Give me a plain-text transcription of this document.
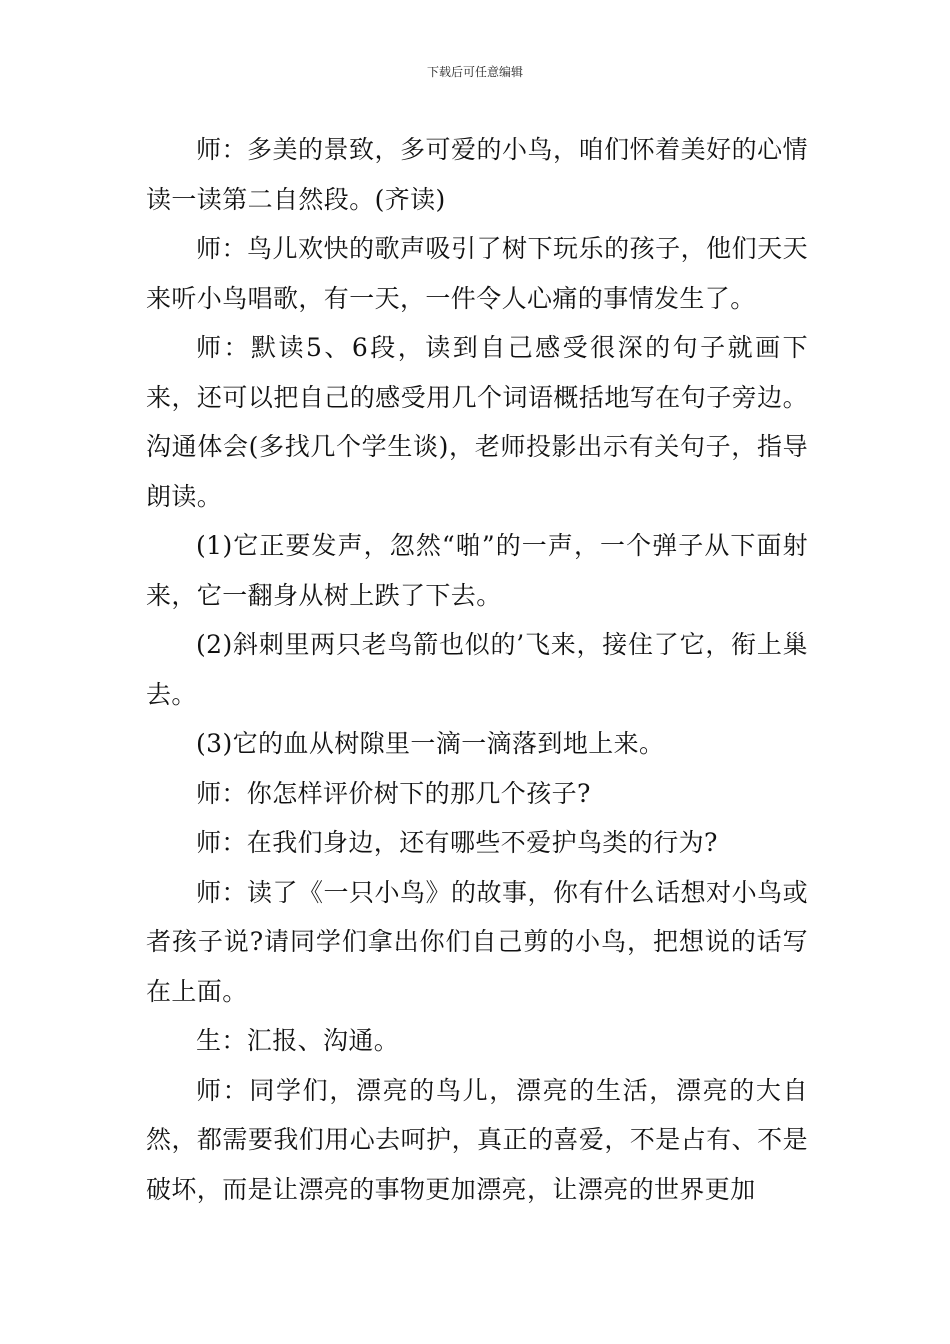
下载后可任意编辑

师：多美的景致，多可爱的小鸟，咱们怀着美好的心情读一读第二自然段。(齐读)

师：鸟儿欢快的歌声吸引了树下玩乐的孩子，他们天天来听小鸟唱歌，有一天，一件令人心痛的事情发生了。

师：默读5、6段，读到自己感受很深的句子就画下来，还可以把自己的感受用几个词语概括地写在句子旁边。沟通体会(多找几个学生谈)，老师投影出示有关句子，指导朗读。

(1)它正要发声，忽然“啪”的一声，一个弹子从下面射来，它一翻身从树上跌了下去。

(2)斜刺里两只老鸟箭也似的’飞来，接住了它，衔上巢去。

(3)它的血从树隙里一滴一滴落到地上来。

师：你怎样评价树下的那几个孩子?

师：在我们身边，还有哪些不爱护鸟类的行为?

师：读了《一只小鸟》的故事，你有什么话想对小鸟或者孩子说?请同学们拿出你们自己剪的小鸟，把想说的话写在上面。

生：汇报、沟通。

师：同学们，漂亮的鸟儿，漂亮的生活，漂亮的大自然，都需要我们用心去呵护，真正的喜爱，不是占有、不是破坏，而是让漂亮的事物更加漂亮，让漂亮的世界更加
